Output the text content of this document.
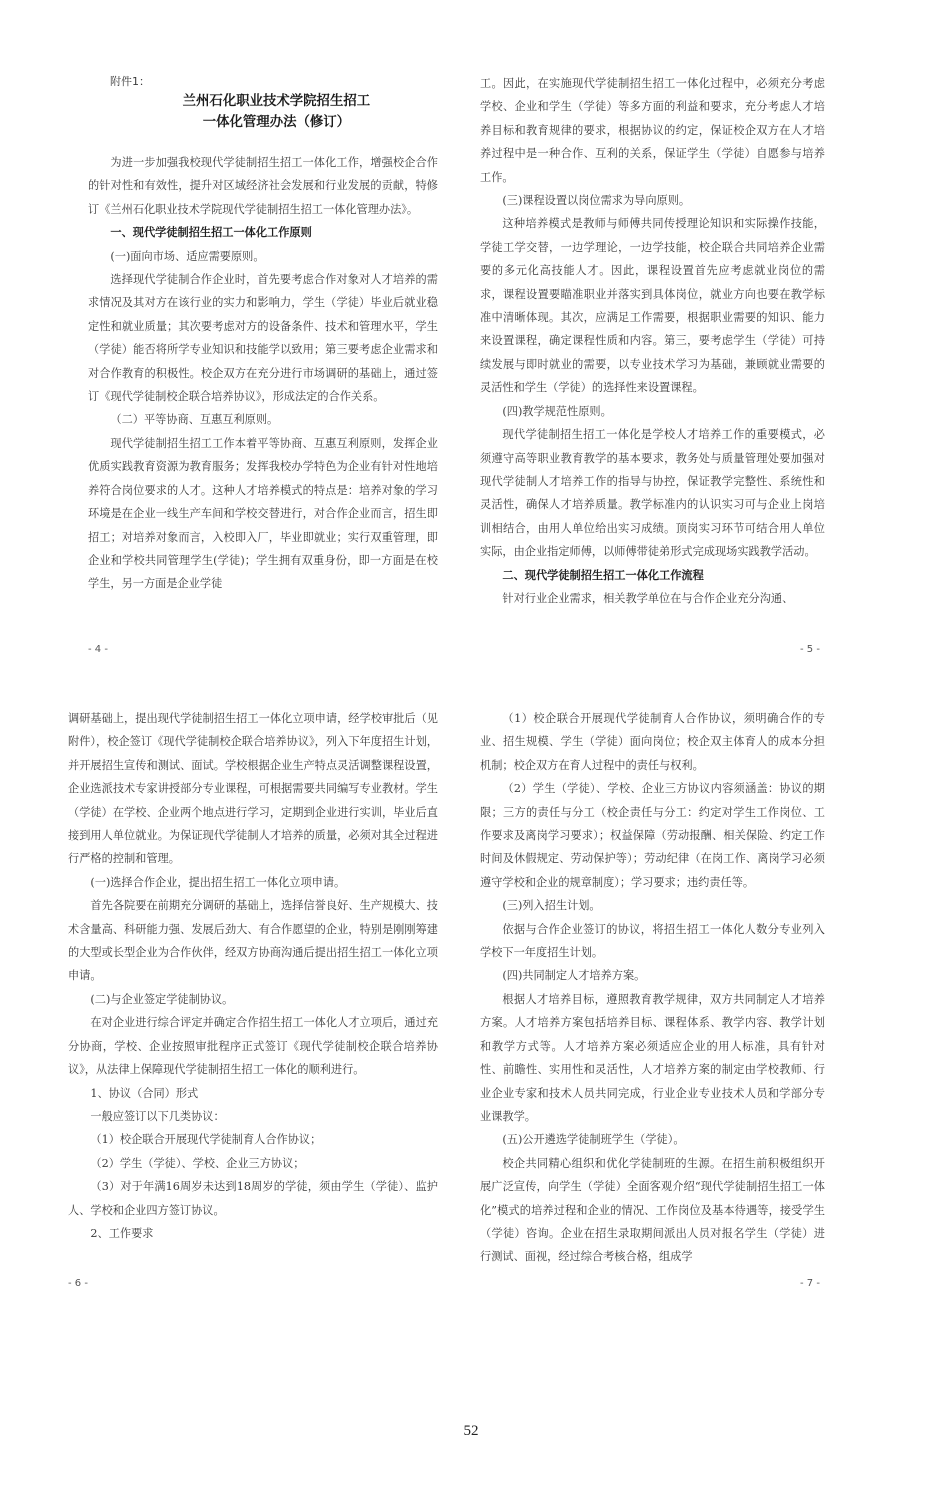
附件1：

兰州石化职业技术学院招生招工

一体化管理办法（修订）

为进一步加强我校现代学徒制招生招工一体化工作，增强校企合作的针对性和有效性，提升对区域经济社会发展和行业发展的贡献，特修订《兰州石化职业技术学院现代学徒制招生招工一体化管理办法》。

一、现代学徒制招生招工一体化工作原则

(一)面向市场、适应需要原则。

选择现代学徒制合作企业时，首先要考虑合作对象对人才培养的需求情况及其对方在该行业的实力和影响力，学生（学徒）毕业后就业稳定性和就业质量；其次要考虑对方的设备条件、技术和管理水平，学生（学徒）能否将所学专业知识和技能学以致用；第三要考虑企业需求和对合作教育的积极性。校企双方在充分进行市场调研的基础上，通过签订《现代学徒制校企联合培养协议》，形成法定的合作关系。

（二）平等协商、互惠互利原则。

现代学徒制招生招工工作本着平等协商、互惠互利原则，发挥企业优质实践教育资源为教育服务；发挥我校办学特色为企业有针对性地培养符合岗位要求的人才。这种人才培养模式的特点是：培养对象的学习环境是在企业一线生产车间和学校交替进行，对合作企业而言，招生即招工；对培养对象而言，入校即入厂，毕业即就业；实行双重管理，即企业和学校共同管理学生(学徒)；学生拥有双重身份，即一方面是在校学生，另一方面是企业学徒

- 4 -

工。因此，在实施现代学徒制招生招工一体化过程中，必须充分考虑学校、企业和学生（学徒）等多方面的利益和要求，充分考虑人才培养目标和教育规律的要求，根据协议的约定，保证校企双方在人才培养过程中是一种合作、互利的关系，保证学生（学徒）自愿参与培养工作。

(三)课程设置以岗位需求为导向原则。

这种培养模式是教师与师傅共同传授理论知识和实际操作技能，学徒工学交替，一边学理论，一边学技能，校企联合共同培养企业需要的多元化高技能人才。因此，课程设置首先应考虑就业岗位的需求，课程设置要瞄准职业并落实到具体岗位，就业方向也要在教学标准中清晰体现。其次，应满足工作需要，根据职业需要的知识、能力来设置课程，确定课程性质和内容。第三，要考虑学生（学徒）可持续发展与即时就业的需要，以专业技术学习为基础，兼顾就业需要的灵活性和学生（学徒）的选择性来设置课程。

(四)教学规范性原则。

现代学徒制招生招工一体化是学校人才培养工作的重要模式，必须遵守高等职业教育教学的基本要求，教务处与质量管理处要加强对现代学徒制人才培养工作的指导与协控，保证教学完整性、系统性和灵活性，确保人才培养质量。教学标准内的认识实习可与企业上岗培训相结合，由用人单位给出实习成绩。顶岗实习环节可结合用人单位实际，由企业指定师傅，以师傅带徒弟形式完成现场实践教学活动。

二、现代学徒制招生招工一体化工作流程

针对行业企业需求，相关教学单位在与合作企业充分沟通、

- 5 -

调研基础上，提出现代学徒制招生招工一体化立项申请，经学校审批后（见附件），校企签订《现代学徒制校企联合培养协议》，列入下年度招生计划，并开展招生宣传和测试、面试。学校根据企业生产特点灵活调整课程设置，企业选派技术专家讲授部分专业课程，可根据需要共同编写专业教材。学生（学徒）在学校、企业两个地点进行学习，定期到企业进行实训，毕业后直接到用人单位就业。为保证现代学徒制人才培养的质量，必须对其全过程进行严格的控制和管理。

(一)选择合作企业，提出招生招工一体化立项申请。

首先各院要在前期充分调研的基础上，选择信誉良好、生产规模大、技术含量高、科研能力强、发展后劲大、有合作愿望的企业，特别是刚刚筹建的大型或长型企业为合作伙伴，经双方协商沟通后提出招生招工一体化立项申请。

(二)与企业签定学徒制协议。

在对企业进行综合评定并确定合作招生招工一体化人才立项后，通过充分协商，学校、企业按照审批程序正式签订《现代学徒制校企联合培养协议》，从法律上保障现代学徒制招生招工一体化的顺利进行。

1、协议（合同）形式

一般应签订以下几类协议：

（1）校企联合开展现代学徒制育人合作协议；

（2）学生（学徒）、学校、企业三方协议；

（3）对于年满16周岁未达到18周岁的学徒，须由学生（学徒）、监护人、学校和企业四方签订协议。

2、工作要求

- 6 -

（1）校企联合开展现代学徒制育人合作协议，须明确合作的专业、招生规模、学生（学徒）面向岗位；校企双主体育人的成本分担机制；校企双方在育人过程中的责任与权利。

（2）学生（学徒）、学校、企业三方协议内容须涵盖：协议的期限；三方的责任与分工（校企责任与分工：约定对学生工作岗位、工作要求及离岗学习要求）；权益保障（劳动报酬、相关保险、约定工作时间及休假规定、劳动保护等）；劳动纪律（在岗工作、离岗学习必须遵守学校和企业的规章制度）；学习要求；违约责任等。

(三)列入招生计划。

依据与合作企业签订的协议，将招生招工一体化人数分专业列入学校下一年度招生计划。

(四)共同制定人才培养方案。

根据人才培养目标，遵照教育教学规律，双方共同制定人才培养方案。人才培养方案包括培养目标、课程体系、教学内容、教学计划和教学方式等。人才培养方案必须适应企业的用人标准，具有针对性、前瞻性、实用性和灵活性，人才培养方案的制定由学校教师、行业企业专家和技术人员共同完成，行业企业专业技术人员和学部分专业课教学。

(五)公开遴选学徒制班学生（学徒）。

校企共同精心组织和优化学徒制班的生源。在招生前积极组织开展广泛宣传，向学生（学徒）全面客观介绍“现代学徒制招生招工一体化”模式的培养过程和企业的情况、工作岗位及基本待遇等，接受学生（学徒）咨询。企业在招生录取期间派出人员对报名学生（学徒）进行测试、面视，经过综合考核合格，组成学

- 7 -
52
